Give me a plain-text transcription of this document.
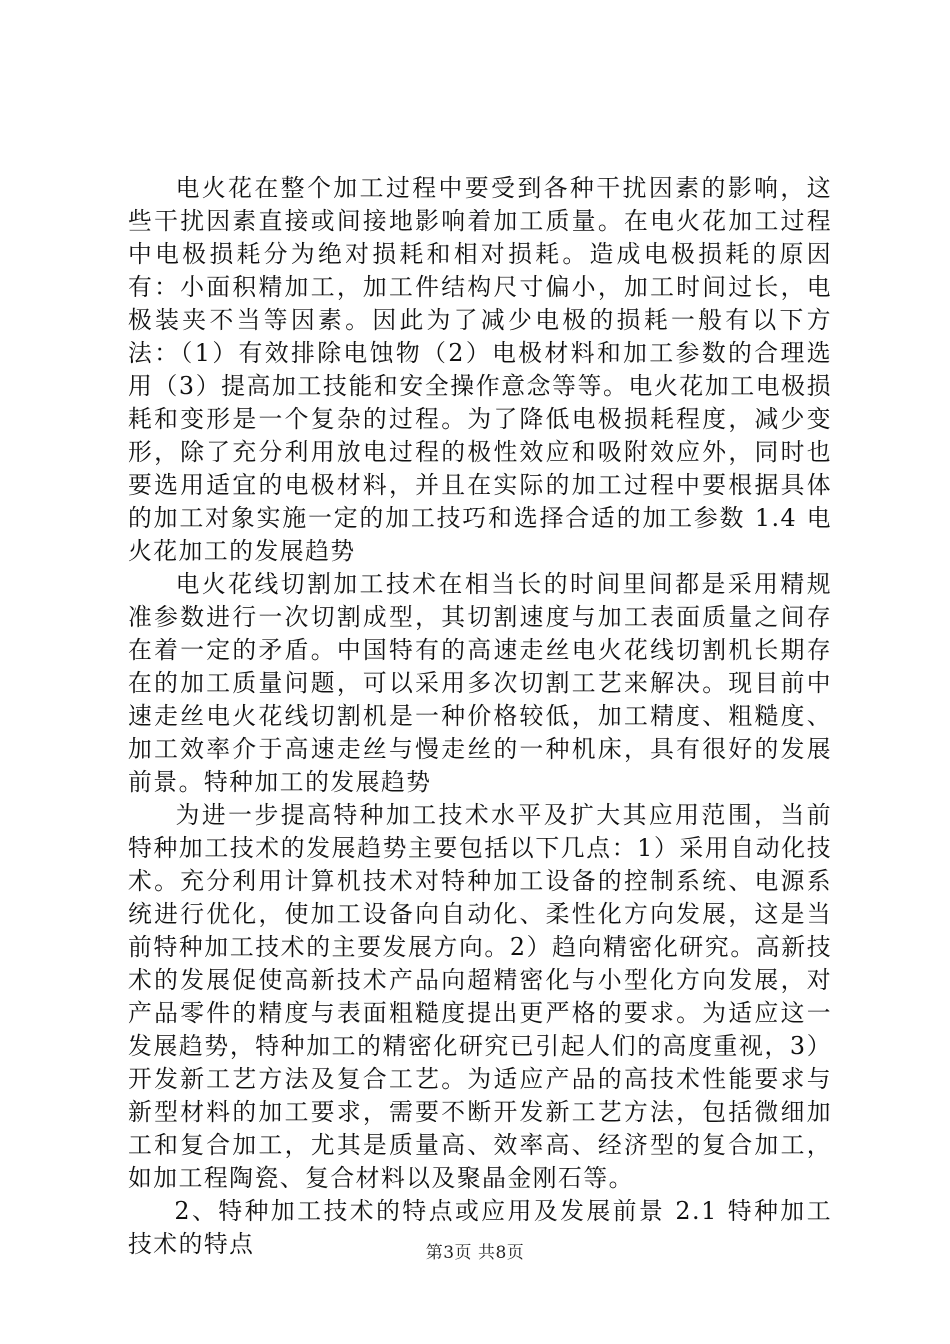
电火花在整个加工过程中要受到各种干扰因素的影响，这些干扰因素直接或间接地影响着加工质量。在电火花加工过程中电极损耗分为绝对损耗和相对损耗。造成电极损耗的原因有：小面积精加工，加工件结构尺寸偏小，加工时间过长，电极装夹不当等因素。因此为了减少电极的损耗一般有以下方法：（1）有效排除电蚀物（2）电极材料和加工参数的合理选用（3）提高加工技能和安全操作意念等等。电火花加工电极损耗和变形是一个复杂的过程。为了降低电极损耗程度，减少变形，除了充分利用放电过程的极性效应和吸附效应外，同时也要选用适宜的电极材料，并且在实际的加工过程中要根据具体的加工对象实施一定的加工技巧和选择合适的加工参数 1.4 电火花加工的发展趋势

电火花线切割加工技术在相当长的时间里间都是采用精规准参数进行一次切割成型，其切割速度与加工表面质量之间存在着一定的矛盾。中国特有的高速走丝电火花线切割机长期存在的加工质量问题，可以采用多次切割工艺来解决。现目前中速走丝电火花线切割机是一种价格较低，加工精度、粗糙度、加工效率介于高速走丝与慢走丝的一种机床，具有很好的发展前景。特种加工的发展趋势

为进一步提高特种加工技术水平及扩大其应用范围，当前特种加工技术的发展趋势主要包括以下几点：1）采用自动化技术。充分利用计算机技术对特种加工设备的控制系统、电源系统进行优化，使加工设备向自动化、柔性化方向发展，这是当前特种加工技术的主要发展方向。2）趋向精密化研究。高新技术的发展促使高新技术产品向超精密化与小型化方向发展，对产品零件的精度与表面粗糙度提出更严格的要求。为适应这一发展趋势，特种加工的精密化研究已引起人们的高度重视，3）开发新工艺方法及复合工艺。为适应产品的高技术性能要求与新型材料的加工要求，需要不断开发新工艺方法，包括微细加工和复合加工，尤其是质量高、效率高、经济型的复合加工，如加工程陶瓷、复合材料以及聚晶金刚石等。

2、特种加工技术的特点或应用及发展前景 2.1 特种加工技术的特点	第3页 共8页
